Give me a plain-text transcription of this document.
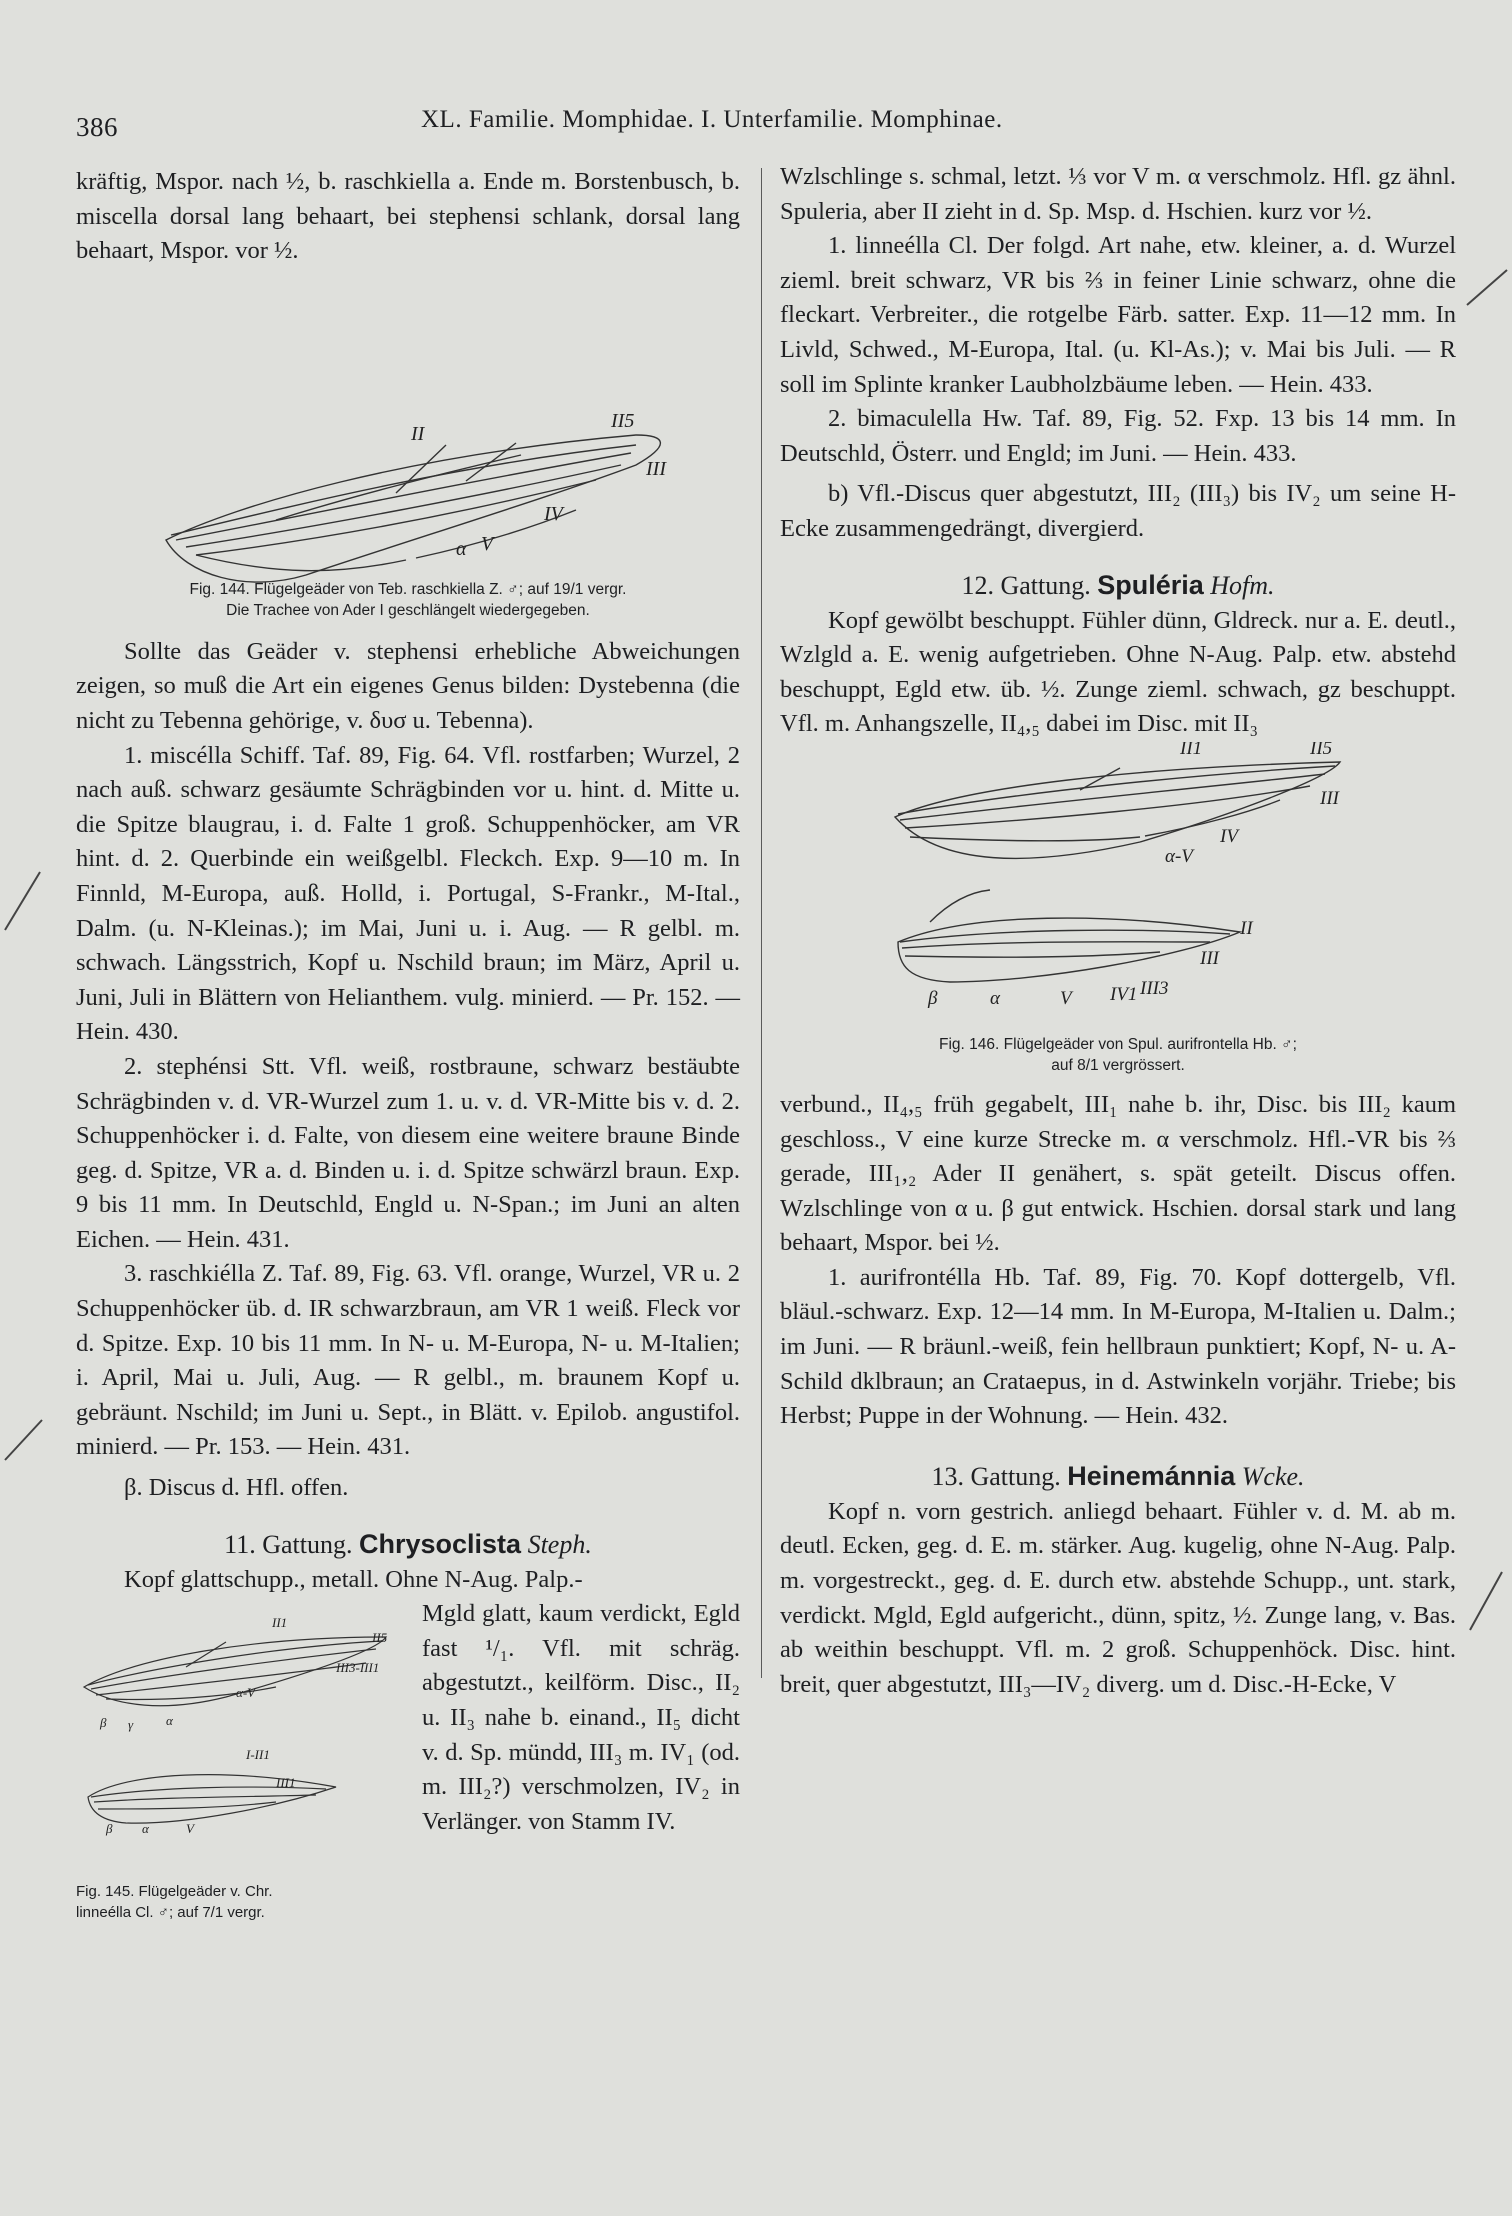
386	XL. Familie. Momphidae. I. Unterfamilie. Momphinae.

kräftig, Mspor. nach ½, b. raschkiella a. Ende m. Borstenbusch, b. miscella dorsal lang behaart, bei stephensi schlank, dorsal lang behaart, Mspor. vor ½.

II
II5
III
IV
α V

Fig. 144. Flügelgeäder von Teb. raschkiella Z. ♂; auf 19/1 vergr.

Die Trachee von Ader I geschlängelt wiedergegeben.

Sollte das Geäder v. stephensi erhebliche Abweichungen zeigen, so muß die Art ein eigenes Genus bilden: Dystebenna (die nicht zu Tebenna gehörige, v. δυσ u. Tebenna).

1. miscélla Schiff. Taf. 89, Fig. 64. Vfl. rostfarben; Wurzel, 2 nach auß. schwarz gesäumte Schrägbinden vor u. hint. d. Mitte u. die Spitze blaugrau, i. d. Falte 1 groß. Schuppenhöcker, am VR hint. d. 2. Querbinde ein weißgelbl. Fleckch. Exp. 9—10 m. In Finnld, M-Europa, auß. Holld, i. Portugal, S-Frankr., M-Ital., Dalm. (u. N-Kleinas.); im Mai, Juni u. i. Aug. — R gelbl. m. schwach. Längsstrich, Kopf u. Nschild braun; im März, April u. Juni, Juli in Blättern von Helianthem. vulg. minierd. — Pr. 152. — Hein. 430.

2. stephénsi Stt. Vfl. weiß, rostbraune, schwarz bestäubte Schrägbinden v. d. VR-Wurzel zum 1. u. v. d. VR-Mitte bis v. d. 2. Schuppenhöcker i. d. Falte, von diesem eine weitere braune Binde geg. d. Spitze, VR a. d. Binden u. i. d. Spitze schwärzl braun. Exp. 9 bis 11 mm. In Deutschld, Engld u. N-Span.; im Juni an alten Eichen. — Hein. 431.

3. raschkiélla Z. Taf. 89, Fig. 63. Vfl. orange, Wurzel, VR u. 2 Schuppenhöcker üb. d. IR schwarzbraun, am VR 1 weiß. Fleck vor d. Spitze. Exp. 10 bis 11 mm. In N- u. M-Europa, N- u. M-Italien; i. April, Mai u. Juli, Aug. — R gelbl., m. braunem Kopf u. gebräunt. Nschild; im Juni u. Sept., in Blätt. v. Epilob. angustifol. minierd. — Pr. 153. — Hein. 431.

β. Discus d. Hfl. offen.

11. Gattung. Chrysoclista Steph.

Kopf glattschupp., metall. Ohne N-Aug. Palp.-

II1
II5
III3-III1
α-V
β γ	α
I-II1
III1
β α	V

Fig. 145. Flügelgeäder v. Chr.

linneélla Cl. ♂; auf 7/1 vergr.

Mgld glatt, kaum verdickt, Egld fast ¹/₁. Vfl. mit schräg. abgestutzt., keilförm. Disc., II₂ u. II₃ nahe b. einand., II₅ dicht v. d. Sp. mündd, III₃ m. IV₁ (od. m. III₂?) verschmolzen, IV₂ in Verlänger. von Stamm IV.

Wzlschlinge s. schmal, letzt. ⅓ vor V m. α verschmolz. Hfl. gz ähnl. Spuleria, aber II zieht in d. Sp. Msp. d. Hschien. kurz vor ½.

1. linneélla Cl. Der folgd. Art nahe, etw. kleiner, a. d. Wurzel zieml. breit schwarz, VR bis ⅔ in feiner Linie schwarz, ohne die fleckart. Verbreiter., die rotgelbe Färb. satter. Exp. 11—12 mm. In Livld, Schwed., M-Europa, Ital. (u. Kl-As.); v. Mai bis Juli. — R soll im Splinte kranker Laubholzbäume leben. — Hein. 433.

2. bimaculella Hw. Taf. 89, Fig. 52. Fxp. 13 bis 14 mm. In Deutschld, Österr. und Engld; im Juni. — Hein. 433.

b) Vfl.-Discus quer abgestutzt, III₂ (III₃) bis IV₂ um seine H-Ecke zusammengedrängt, divergierd.

12. Gattung. Spuléria Hofm.

Kopf gewölbt beschuppt. Fühler dünn, Gldreck. nur a. E. deutl., Wzlgld a. E. wenig aufgetrieben. Ohne N-Aug. Palp. etw. abstehd beschuppt, Egld etw. üb. ½. Zunge zieml. schwach, gz beschuppt. Vfl. m. Anhangszelle, II₄,₅ dabei im Disc. mit II₃

II1	II5
III
IV
α-V
II
III
β	α	V IV1 III3

Fig. 146. Flügelgeäder von Spul. aurifrontella Hb. ♂;

auf 8/1 vergrössert.

verbund., II₄,₅ früh gegabelt, III₁ nahe b. ihr, Disc. bis III₂ kaum geschloss., V eine kurze Strecke m. α verschmolz. Hfl.-VR bis ⅔ gerade, III₁,₂ Ader II genähert, s. spät geteilt. Discus offen. Wzlschlinge von α u. β gut entwick. Hschien. dorsal stark und lang behaart, Mspor. bei ½.

1. aurifrontélla Hb. Taf. 89, Fig. 70. Kopf dottergelb, Vfl. bläul.-schwarz. Exp. 12—14 mm. In M-Europa, M-Italien u. Dalm.; im Juni. — R bräunl.-weiß, fein hellbraun punktiert; Kopf, N- u. A-Schild dklbraun; an Crataepus, in d. Astwinkeln vorjähr. Triebe; bis Herbst; Puppe in der Wohnung. — Hein. 432.

13. Gattung. Heinemánnia Wcke.

Kopf n. vorn gestrich. anliegd behaart. Fühler v. d. M. ab m. deutl. Ecken, geg. d. E. m. stärker. Aug. kugelig, ohne N-Aug. Palp. m. vorgestreckt., geg. d. E. durch etw. abstehde Schupp., unt. stark, verdickt. Mgld, Egld aufgericht., dünn, spitz, ½. Zunge lang, v. Bas. ab weithin beschuppt. Vfl. m. 2 groß. Schuppenhöck. Disc. hint. breit, quer abgestutzt, III₃—IV₂ diverg. um d. Disc.-H-Ecke, V
